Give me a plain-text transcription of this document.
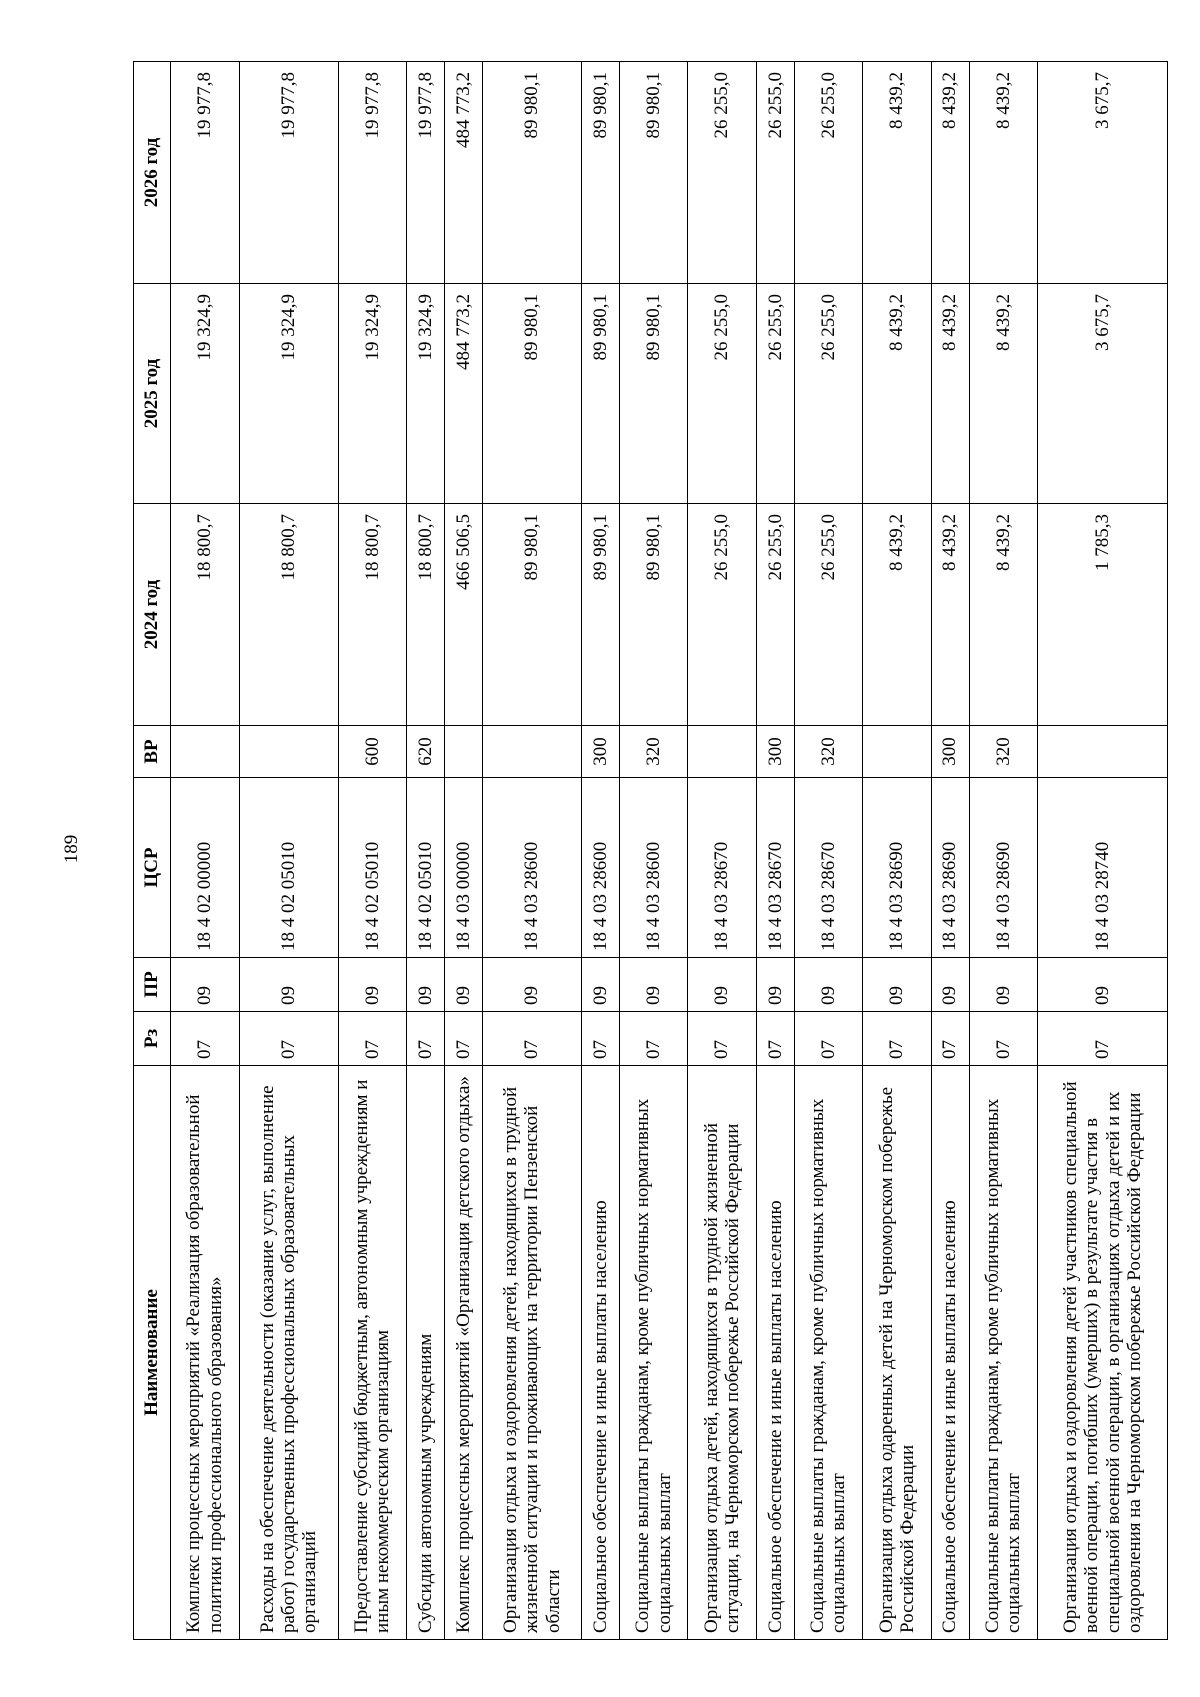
189
Наименование	Рз	ПР	ЦСР	ВР	2024 год	2025 год	2026 год
Комплекс процессных мероприятий «Реализация образовательной политики профессионального образования»	07	09	18 4 02 00000		18 800,7	19 324,9	19 977,8
Расходы на обеспечение деятельности (оказание услуг, выполнение работ) государственных профессиональных образовательных организаций	07	09	18 4 02 05010		18 800,7	19 324,9	19 977,8
Предоставление субсидий бюджетным, автономным учреждениям и иным некоммерческим организациям	07	09	18 4 02 05010	600	18 800,7	19 324,9	19 977,8
Субсидии автономным учреждениям	07	09	18 4 02 05010	620	18 800,7	19 324,9	19 977,8
Комплекс процессных мероприятий «Организация детского отдыха»	07	09	18 4 03 00000		466 506,5	484 773,2	484 773,2
Организация отдыха и оздоровления детей, находящихся в трудной жизненной ситуации и проживающих на территории Пензенской области	07	09	18 4 03 28600		89 980,1	89 980,1	89 980,1
Социальное обеспечение и иные выплаты населению	07	09	18 4 03 28600	300	89 980,1	89 980,1	89 980,1
Социальные выплаты гражданам, кроме публичных нормативных социальных выплат	07	09	18 4 03 28600	320	89 980,1	89 980,1	89 980,1
Организация отдыха детей, находящихся в трудной жизненной ситуации, на Черноморском побережье Российской Федерации	07	09	18 4 03 28670		26 255,0	26 255,0	26 255,0
Социальное обеспечение и иные выплаты населению	07	09	18 4 03 28670	300	26 255,0	26 255,0	26 255,0
Социальные выплаты гражданам, кроме публичных нормативных социальных выплат	07	09	18 4 03 28670	320	26 255,0	26 255,0	26 255,0
Организация отдыха одаренных детей на Черноморском побережье Российской Федерации	07	09	18 4 03 28690		8 439,2	8 439,2	8 439,2
Социальное обеспечение и иные выплаты населению	07	09	18 4 03 28690	300	8 439,2	8 439,2	8 439,2
Социальные выплаты гражданам, кроме публичных нормативных социальных выплат	07	09	18 4 03 28690	320	8 439,2	8 439,2	8 439,2
Организация отдыха и оздоровления детей участников специальной военной операции, погибших (умерших) в результате участия в специальной военной операции, в организациях отдыха детей и их оздоровления на Черноморском побережье Российской Федерации	07	09	18 4 03 28740		1 785,3	3 675,7	3 675,7
